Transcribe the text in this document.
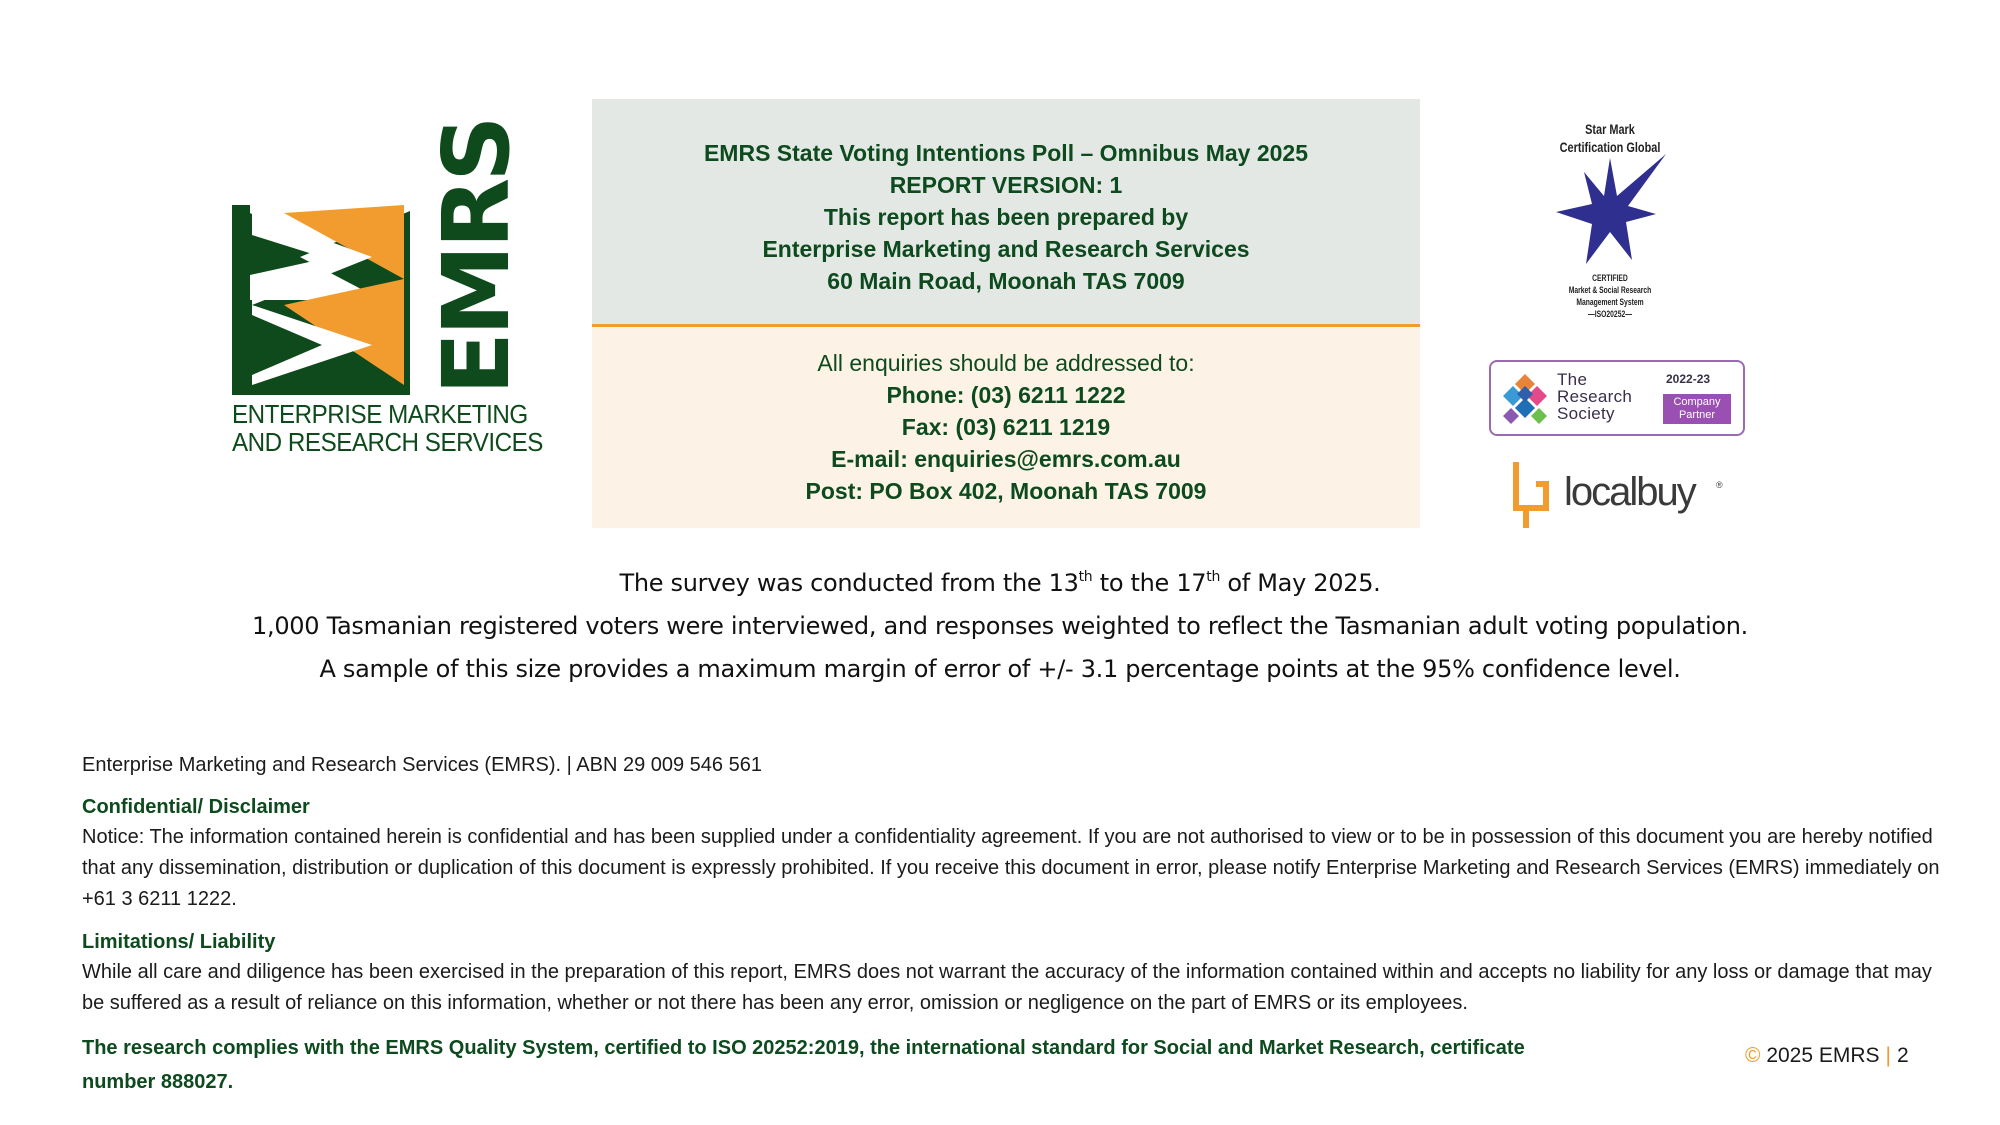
EMRS
ENTERPRISE MARKETING
AND RESEARCH SERVICES
EMRS State Voting Intentions Poll – Omnibus May 2025
REPORT VERSION: 1
This report has been prepared by
Enterprise Marketing and Research Services
60 Main Road, Moonah TAS 7009
All enquiries should be addressed to:
Phone: (03) 6211 1222
Fax: (03) 6211 1219
E-mail: enquiries@emrs.com.au
Post: PO Box 402, Moonah TAS 7009
Star Mark
Certification Global
CERTIFIED
Market & Social Research
Management System
—ISO20252—
The
Research
Society
2022-23
Company
Partner
localbuy ®
The survey was conducted from the 13th to the 17th of May 2025.
1,000 Tasmanian registered voters were interviewed, and responses weighted to reflect the Tasmanian adult voting population.
A sample of this size provides a maximum margin of error of +/- 3.1 percentage points at the 95% confidence level.
Enterprise Marketing and Research Services (EMRS). | ABN 29 009 546 561
Confidential/ Disclaimer
Notice: The information contained herein is confidential and has been supplied under a confidentiality agreement. If you are not authorised to view or to be in possession of this document you are hereby notified that any dissemination, distribution or duplication of this document is expressly prohibited. If you receive this document in error, please notify Enterprise Marketing and Research Services (EMRS) immediately on +61 3 6211 1222.
Limitations/ Liability
While all care and diligence has been exercised in the preparation of this report, EMRS does not warrant the accuracy of the information contained within and accepts no liability for any loss or damage that may be suffered as a result of reliance on this information, whether or not there has been any error, omission or negligence on the part of EMRS or its employees.
The research complies with the EMRS Quality System, certified to ISO 20252:2019, the international standard for Social and Market Research, certificate number 888027.
© 2025 EMRS | 2
